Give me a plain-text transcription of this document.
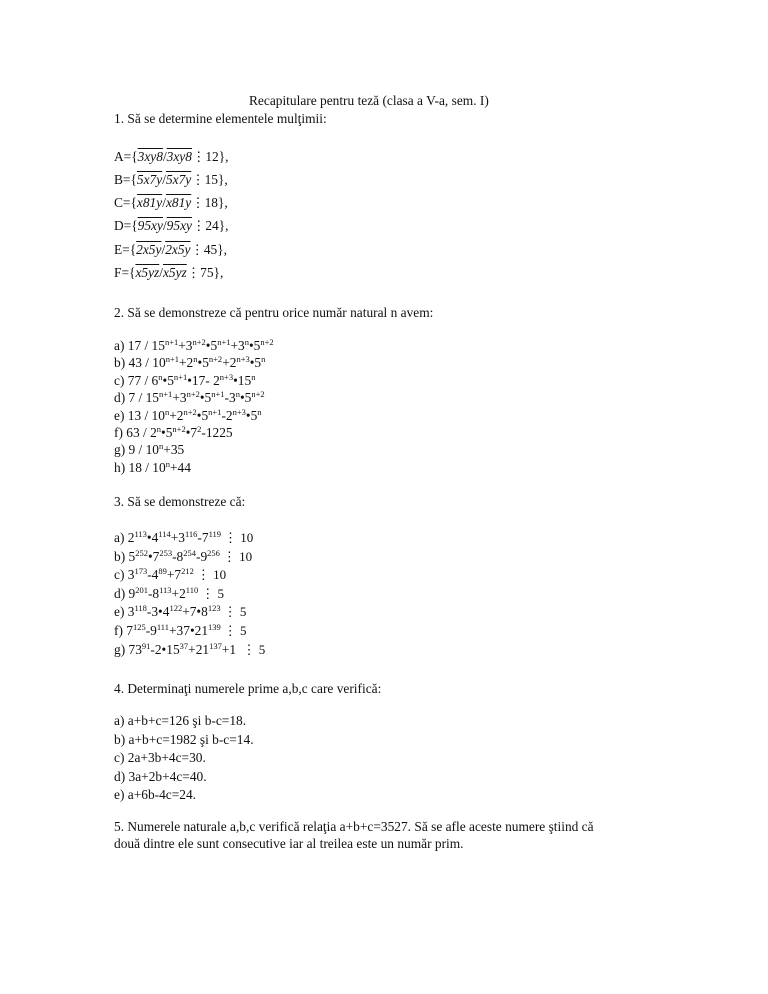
Recapitulare pentru teză (clasa a V-a, sem. I)
1. Să se determine elementele mulţimii:
A={3xy8/3xy8⋮12},
B={5x7y/5x7y⋮15},
C={x81y/x81y⋮18},
D={95xy/95xy⋮24},
E={2x5y/2x5y⋮45},
F={x5yz/x5yz⋮75},
2. Să se demonstreze că pentru orice număr natural n avem:
a) $17 / 15^{n+1}+3^{n+2}•5^{n+1}+3^n•5^{n+2}$
b) $43 / 10^{n+1}+2^n•5^{n+2}+2^{n+3}•5^n$
c) $77 / 6^n•5^{n+1}•17-$ $2^{n+3}•15^n$
d) $7 / 15^{n+1}+3^{n+2}•5^{n+1}-3^n•5^{n+2}$
e) $13 / 10^n+2^{n+2}•5^{n+1}-2^{n+3}•5^n$
f) $63 / 2^n•5^{n+2}•7^2-1225$
g) $9 / 10^n+35$
h) $18 / 10^n+44$
3. Să se demonstreze că:
a) $2^{113}•4^{114}+3^{116}-7^{119}$ ⋮ 10
b) $5^{252}•7^{253}-8^{254}-9^{256}$ ⋮ 10
c) $3^{173}-4^{89}+7^{212}$ ⋮ 10
d) $9^{201}-8^{113}+2^{110}$ ⋮ 5
e) $3^{118}-3•4^{122}+7•8^{123}$ ⋮ 5
f) $7^{125}-9^{111}+37•21^{139}$ ⋮ 5
g) $73^{91}-2•15^{37}+21^{137}+1$ ⋮ 5
4. Determinaţi numerele prime a,b,c care verifică:
a) a+b+c=126 şi b-c=18.
b) a+b+c=1982 şi b-c=14.
c) 2a+3b+4c=30.
d) 3a+2b+4c=40.
e) a+6b-4c=24.
5. Numerele naturale a,b,c verifică relaţia a+b+c=3527. Să se afle aceste numere ştiind că
două dintre ele sunt consecutive iar al treilea este un număr prim.
